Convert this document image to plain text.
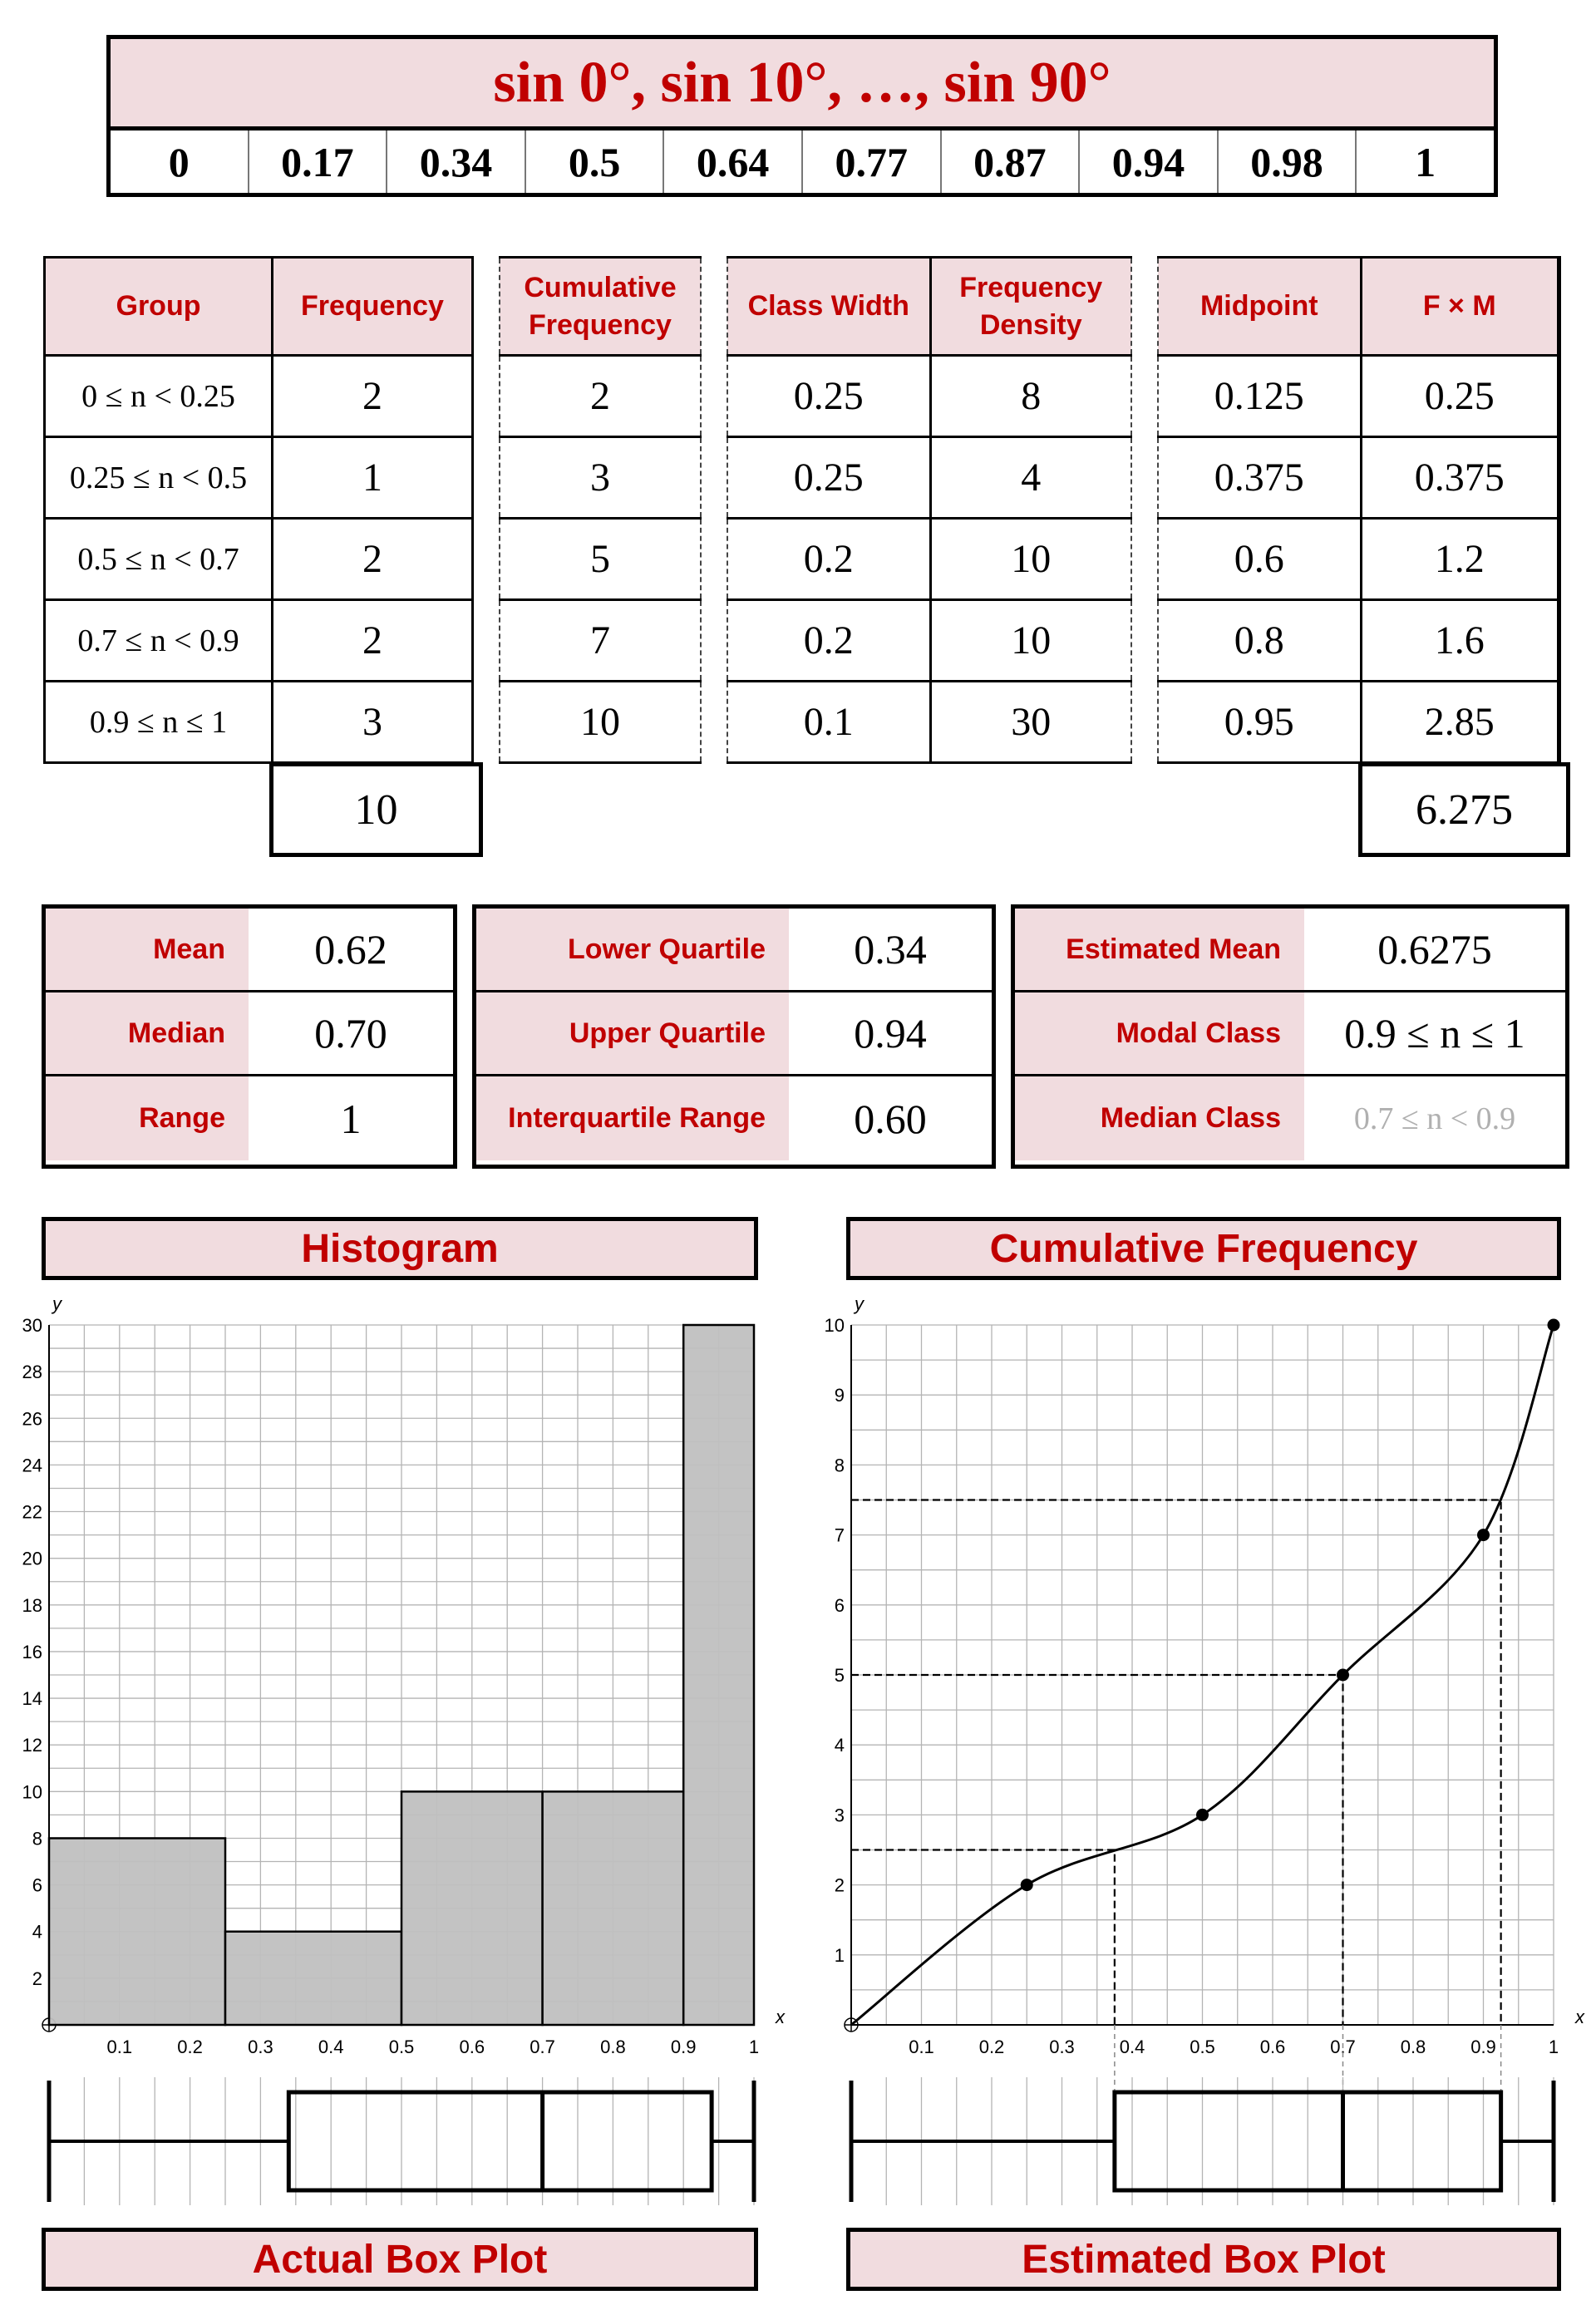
sin 0°, sin 10°, …, sin 90°
0	0.17	0.34	0.5	0.64	0.77	0.87	0.94	0.98	1
Group	Frequency
0 ≤ n < 0.25	2
0.25 ≤ n < 0.5	1
0.5 ≤ n < 0.7	2
0.7 ≤ n < 0.9	2
0.9 ≤ n ≤ 1	3
10
Cumulative Frequency
2
3
5
7
10
Class Width	Frequency Density
0.25	8
0.25	4
0.2	10
0.2	10
0.1	30
Midpoint	F × M
0.125	0.25
0.375	0.375
0.6	1.2
0.8	1.6
0.95	2.85
6.275
Mean	0.62
Median	0.70
Range	1
Lower Quartile	0.34
Upper Quartile	0.94
Interquartile Range	0.60
Estimated Mean	0.6275
Modal Class	0.9 ≤ n ≤ 1
Median Class	0.7 ≤ n < 0.9
Histogram	Cumulative Frequency
Actual Box Plot	Estimated Box Plot
0.1 0.2 0.3 0.4 0.5 0.6 0.7 0.8 0.9	1
2
4
6
8
10
12
14
16
18
20
22
24
26
28
30
y
x
0.1 0.2 0.3 0.4 0.5 0.6 0.7 0.8 0.9	1
1
2
3
4
5
6
7
8
9
10
y
x
